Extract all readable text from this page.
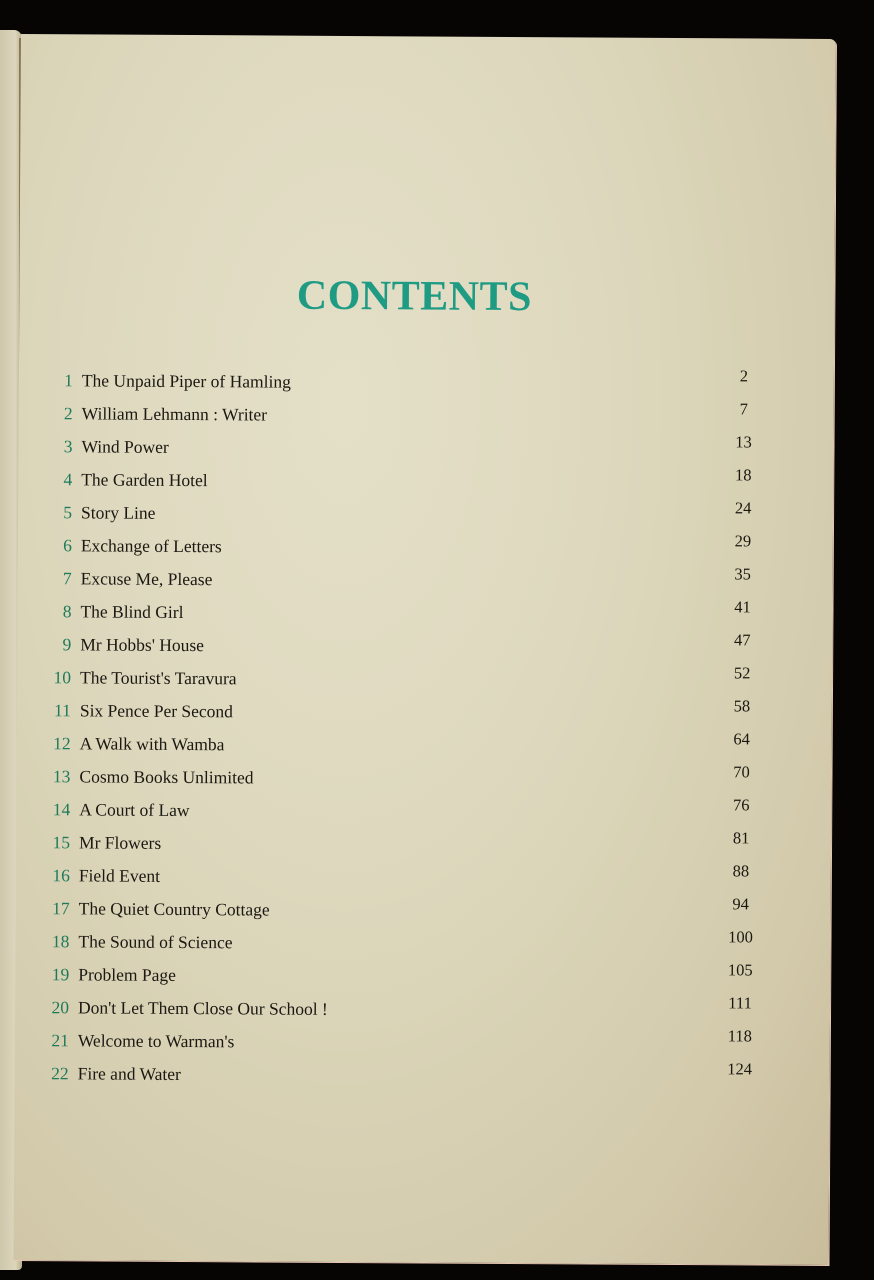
CONTENTS
1 The Unpaid Piper of Hamling	2
2 William Lehmann : Writer	7
3 Wind Power	13
4 The Garden Hotel	18
5 Story Line	24
6 Exchange of Letters	29
7 Excuse Me, Please	35
8 The Blind Girl	41
9 Mr Hobbs' House	47
10 The Tourist's Taravura	52
11 Six Pence Per Second	58
12 A Walk with Wamba	64
13 Cosmo Books Unlimited	70
14 A Court of Law	76
15 Mr Flowers	81
16 Field Event	88
17 The Quiet Country Cottage	94
18 The Sound of Science	100
19 Problem Page	105
20 Don't Let Them Close Our School !	111
21 Welcome to Warman's	118
22 Fire and Water	124
